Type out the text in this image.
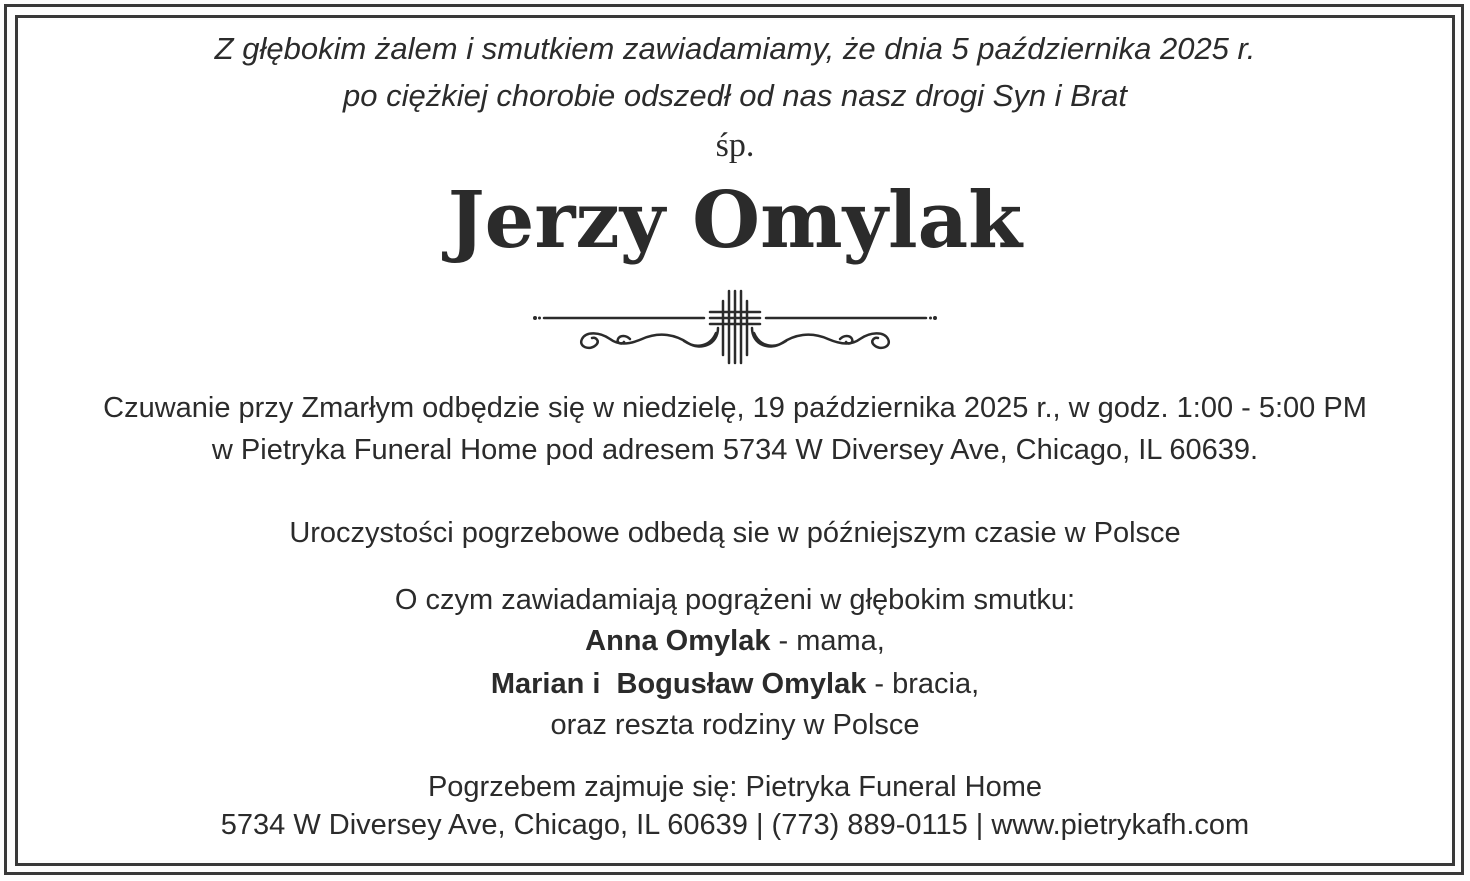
Z głębokim żalem i smutkiem zawiadamiamy, że dnia 5 października 2025 r.
po ciężkiej chorobie odszedł od nas nasz drogi Syn i Brat
śp.
Jerzy Omylak
Czuwanie przy Zmarłym odbędzie się w niedzielę, 19 października 2025 r., w godz. 1:00 - 5:00 PM
w Pietryka Funeral Home pod adresem 5734 W Diversey Ave, Chicago, IL 60639.
Uroczystości pogrzebowe odbedą sie w późniejszym czasie w Polsce
O czym zawiadamiają pogrążeni w głębokim smutku:
Anna Omylak - mama,
Marian i  Bogusław Omylak - bracia,
oraz reszta rodziny w Polsce
Pogrzebem zajmuje się: Pietryka Funeral Home
5734 W Diversey Ave, Chicago, IL 60639 | (773) 889-0115 | www.pietrykafh.com
